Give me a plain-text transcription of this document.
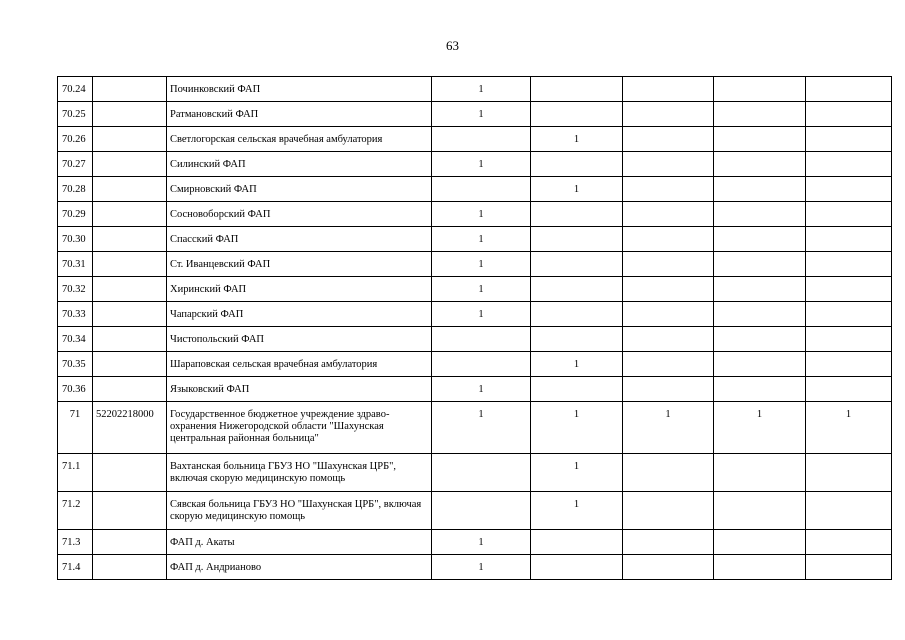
63
70.24		Починковский ФАП	1				
70.25		Ратмановский ФАП	1				
70.26		Светлогорская сельская врачебная амбулатория		1			
70.27		Силинский ФАП	1				
70.28		Смирновский ФАП		1			
70.29		Сосновоборский ФАП	1				
70.30		Спасский ФАП	1				
70.31		Ст. Иванцевский ФАП	1				
70.32		Хиринский ФАП	1				
70.33		Чапарский ФАП	1				
70.34		Чистопольский ФАП					
70.35		Шараповская сельская врачебная амбулатория		1			
70.36		Языковский ФАП	1				
71	52202218000	Государственное бюджетное учреждение здраво-охранения Нижегородской области "Шахунская центральная районная больница"	1	1	1	1	1
71.1		Вахтанская больница ГБУЗ НО "Шахунская ЦРБ", включая скорую медицинскую помощь		1			
71.2		Сявская больница ГБУЗ НО "Шахунская ЦРБ", включая скорую медицинскую помощь		1			
71.3		ФАП д. Акаты	1				
71.4		ФАП д. Андрианово	1				
